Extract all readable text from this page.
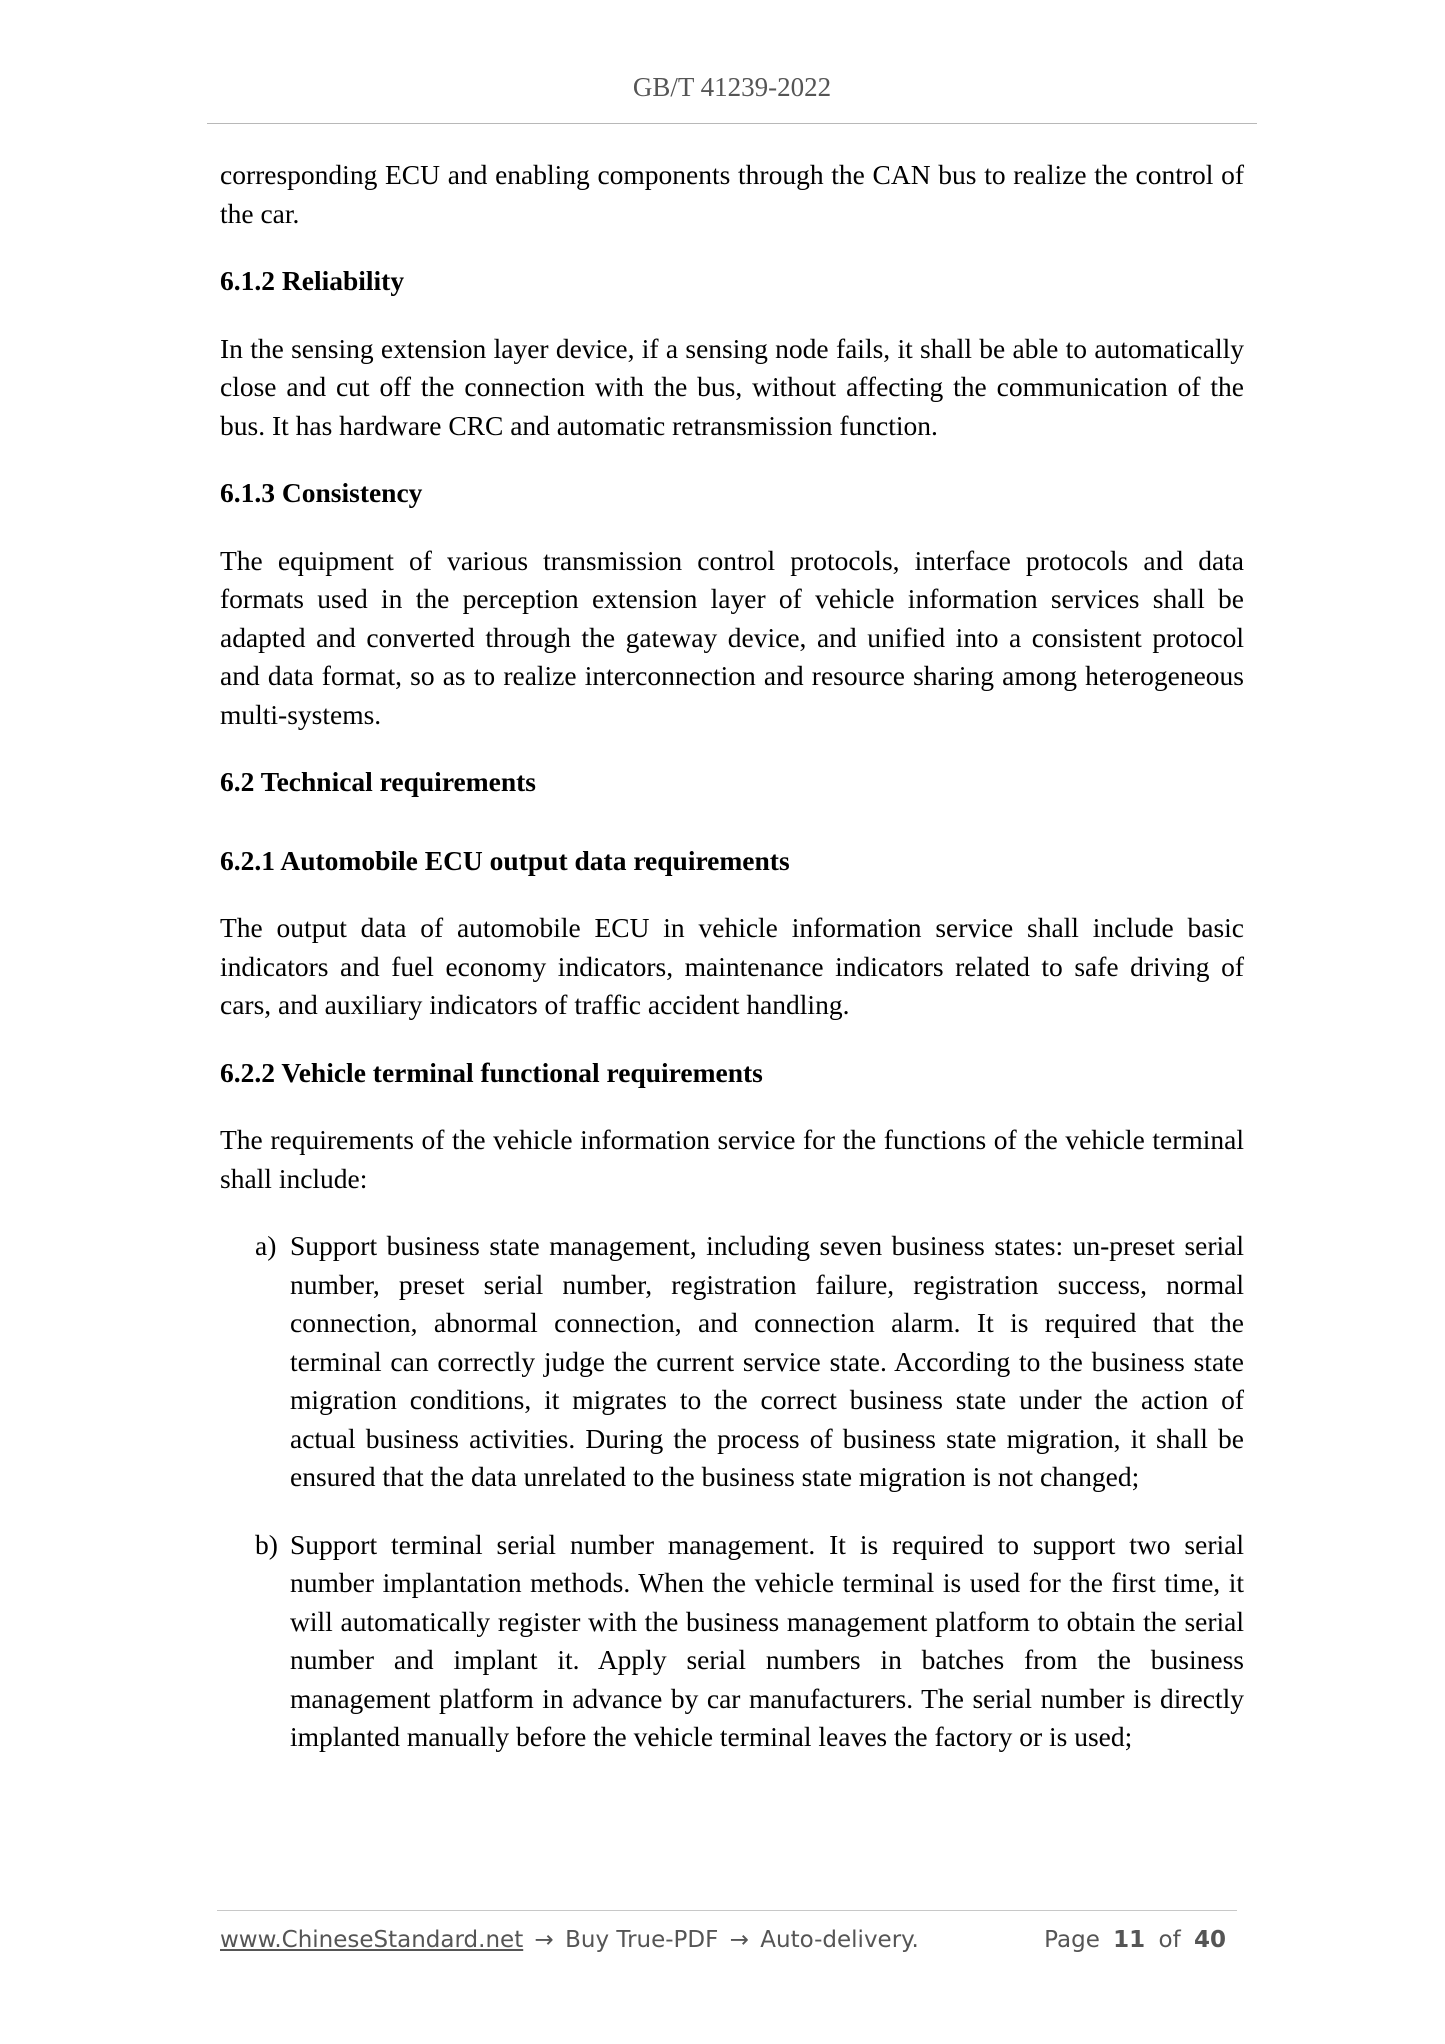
GB/T 41239-2022

corresponding ECU and enabling components through the CAN bus to realize the control of the car.

6.1.2 Reliability

In the sensing extension layer device, if a sensing node fails, it shall be able to automatically close and cut off the connection with the bus, without affecting the communication of the bus. It has hardware CRC and automatic retransmission function.

6.1.3 Consistency

The equipment of various transmission control protocols, interface protocols and data formats used in the perception extension layer of vehicle information services shall be adapted and converted through the gateway device, and unified into a consistent protocol and data format, so as to realize interconnection and resource sharing among heterogeneous multi-systems.

6.2 Technical requirements
6.2.1 Automobile ECU output data requirements

The output data of automobile ECU in vehicle information service shall include basic indicators and fuel economy indicators, maintenance indicators related to safe driving of cars, and auxiliary indicators of traffic accident handling.

6.2.2 Vehicle terminal functional requirements

The requirements of the vehicle information service for the functions of the vehicle terminal shall include:

a) Support business state management, including seven business states: un-preset serial number, preset serial number, registration failure, registration success, normal connection, abnormal connection, and connection alarm. It is required that the terminal can correctly judge the current service state. According to the business state migration conditions, it migrates to the correct business state under the action of actual business activities. During the process of business state migration, it shall be ensured that the data unrelated to the business state migration is not changed;
b) Support terminal serial number management. It is required to support two serial number implantation methods. When the vehicle terminal is used for the first time, it will automatically register with the business management platform to obtain the serial number and implant it. Apply serial numbers in batches from the business management platform in advance by car manufacturers. The serial number is directly implanted manually before the vehicle terminal leaves the factory or is used;
www.ChineseStandard.net → Buy True-PDF → Auto-delivery.	Page 11 of 40
